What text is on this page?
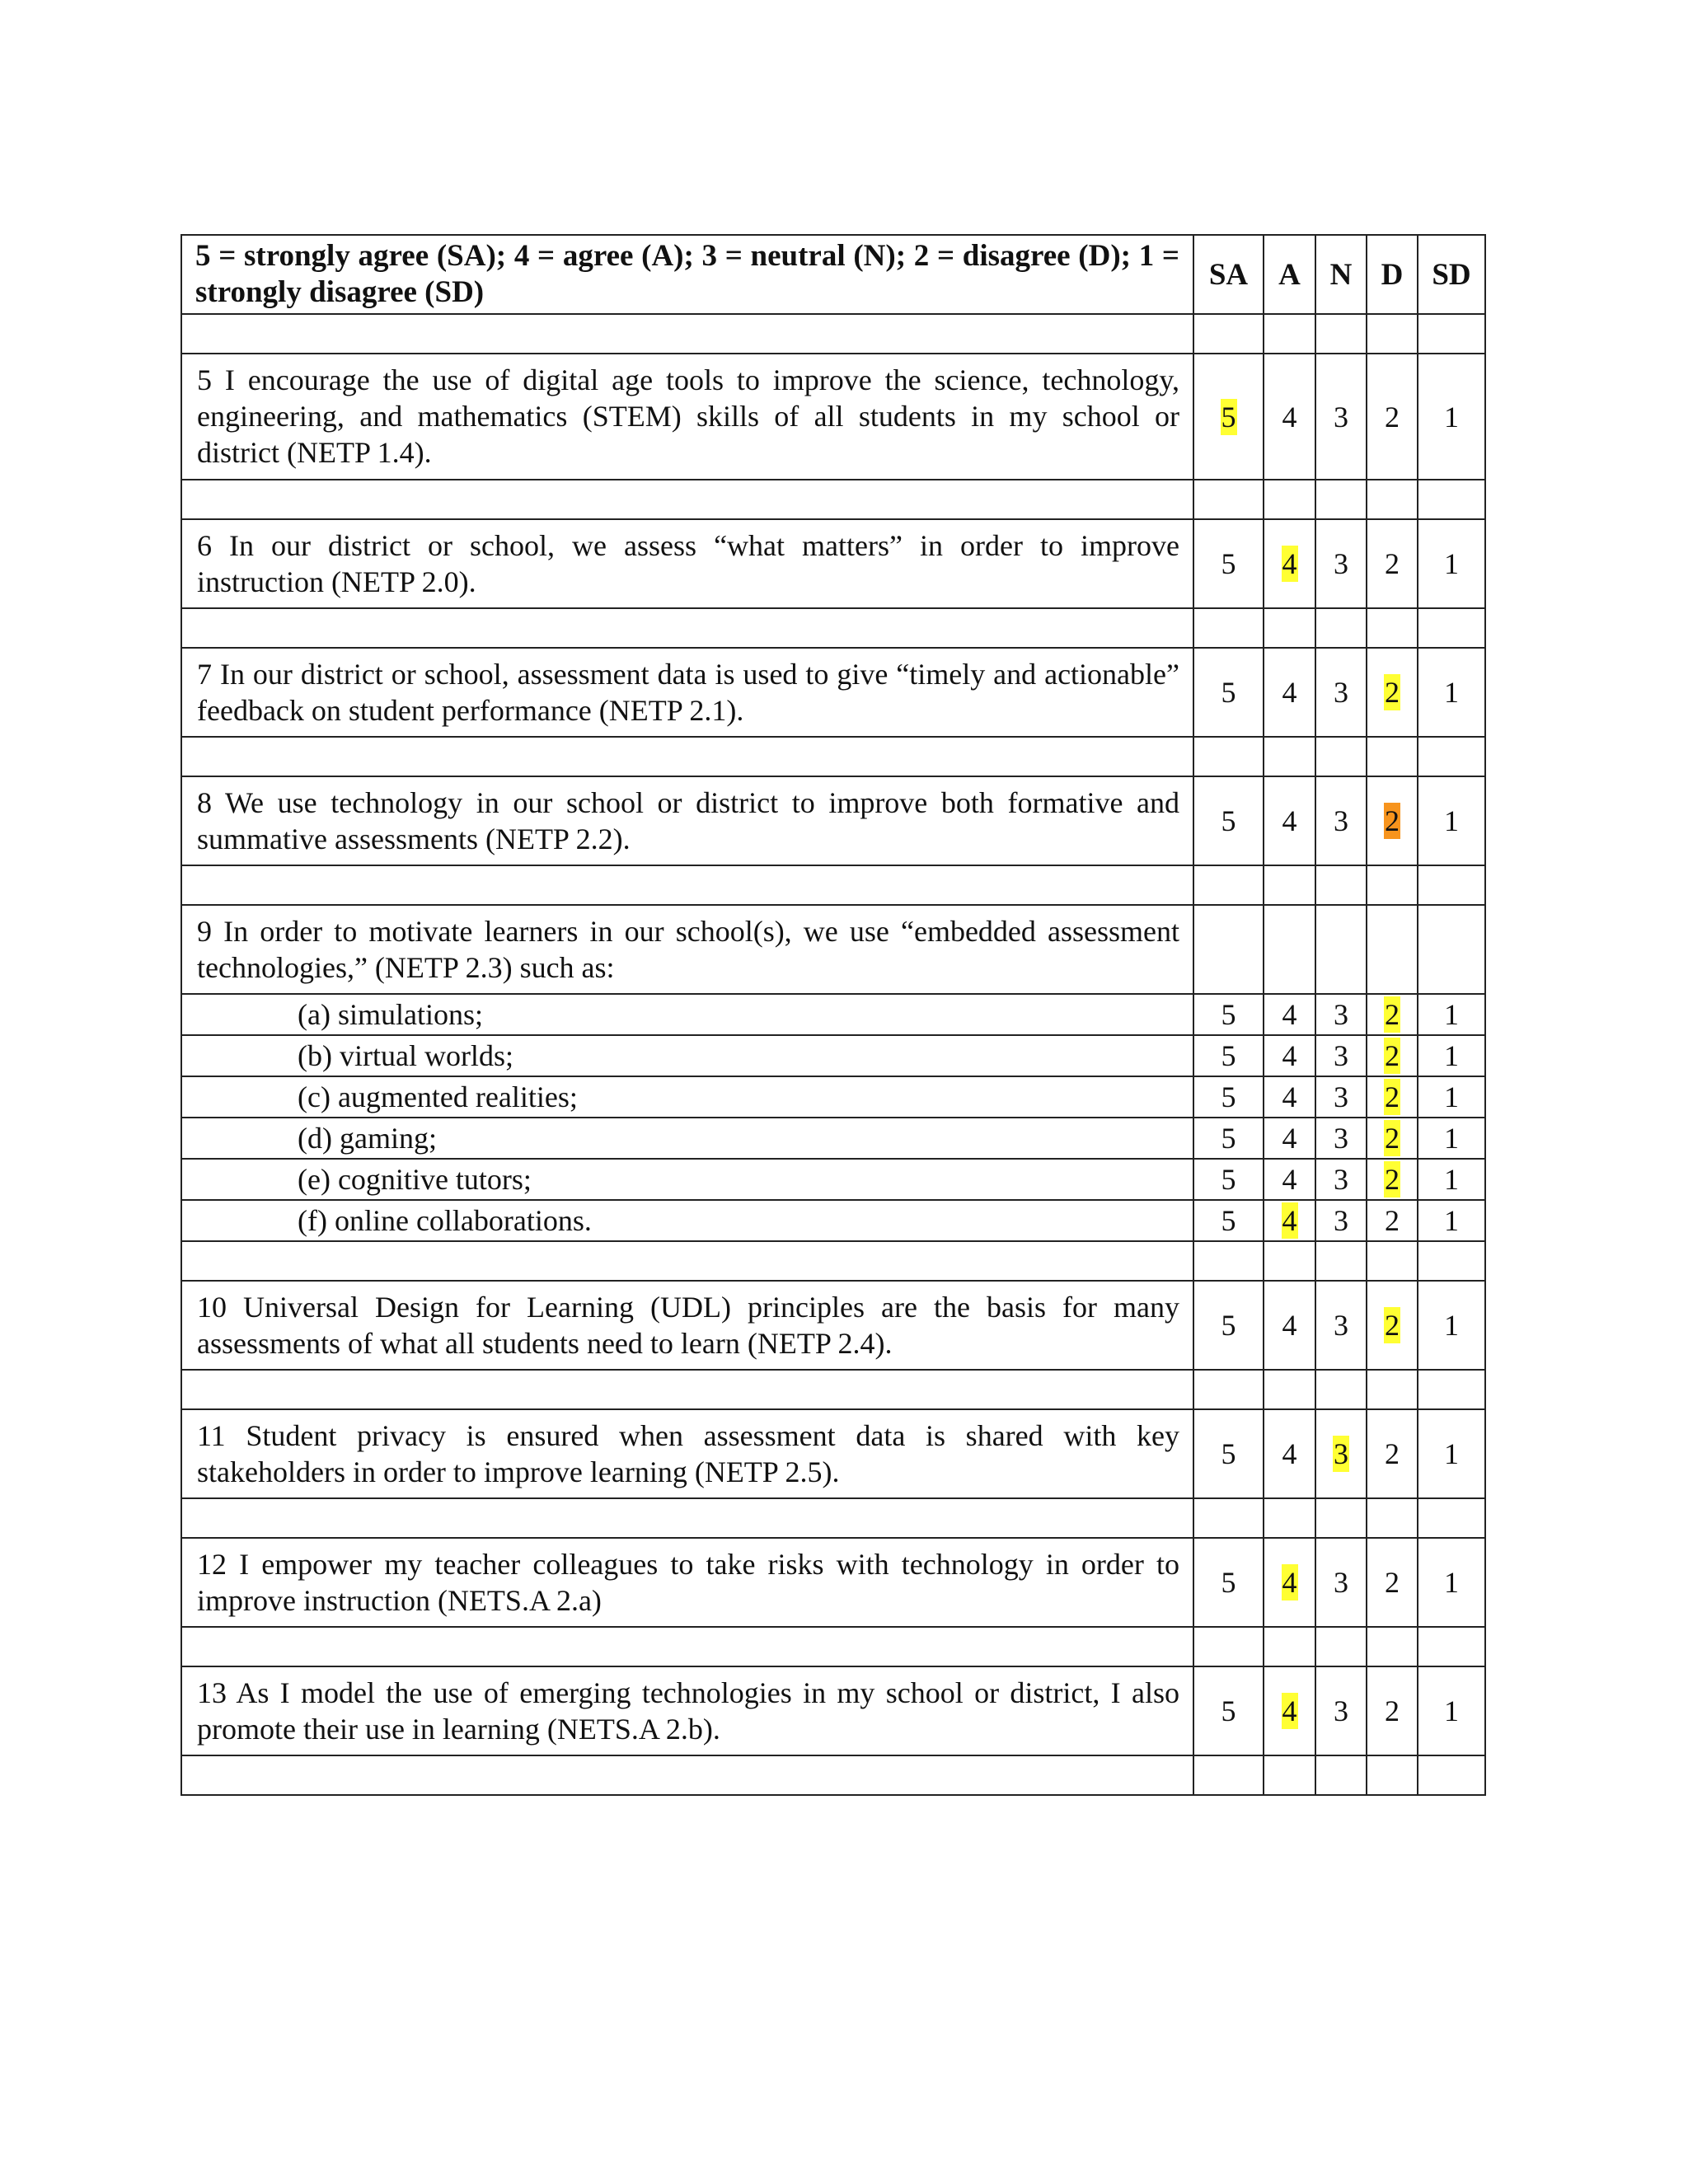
5 = strongly agree (SA); 4 = agree (A); 3 = neutral (N); 2 = disagree (D); 1 = strongly disagree (SD)	SA	A	N	D	SD

5 I encourage the use of digital age tools to improve the science, technology, engineering, and mathematics (STEM) skills of all students in my school or district (NETP 1.4).	5	4	3	2	1

6 In our district or school, we assess “what matters” in order to improve instruction (NETP 2.0).	5	4	3	2	1

7 In our district or school, assessment data is used to give “timely and actionable” feedback on student performance (NETP 2.1).	5	4	3	2	1

8 We use technology in our school or district to improve both formative and summative assessments (NETP 2.2).	5	4	3	2	1

9 In order to motivate learners in our school(s), we use “embedded assessment technologies,” (NETP 2.3) such as:					
(a) simulations;	5	4	3	2	1
(b) virtual worlds;	5	4	3	2	1
(c) augmented realities;	5	4	3	2	1
(d) gaming;	5	4	3	2	1
(e) cognitive tutors;	5	4	3	2	1
(f) online collaborations.	5	4	3	2	1

10 Universal Design for Learning (UDL) principles are the basis for many assessments of what all students need to learn (NETP 2.4).	5	4	3	2	1

11 Student privacy is ensured when assessment data is shared with key stakeholders in order to improve learning (NETP 2.5).	5	4	3	2	1

12 I empower my teacher colleagues to take risks with technology in order to improve instruction (NETS.A 2.a)	5	4	3	2	1

13 As I model the use of emerging technologies in my school or district, I also promote their use in learning (NETS.A 2.b).	5	4	3	2	1
